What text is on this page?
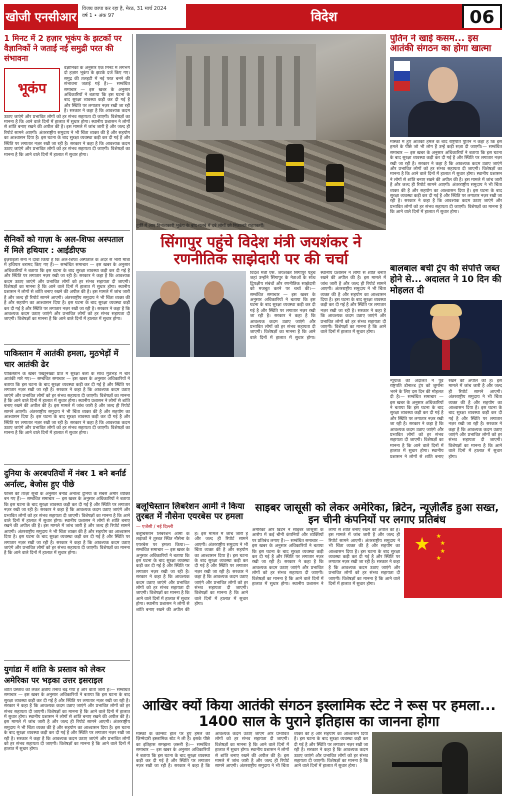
खोजी एनसीआर
विजय छापा कर रहा है, मेरठ, 31 मार्च 2024
वर्ष 1 • अंक 97	विदेश	06
1 मिनट में 2 हज़ार भूकंप के झटकों पर वैज्ञानिकों ने जताई नई समुद्री परत की संभावना
भूकंप
वैज्ञानिकों के अनुसार एक मिनट में लगभग दो हज़ार भूकंप के झटके दर्ज किए गए। समुद्र की तलहटी में नई परत बनने की संभावना जताई गई है। — सम्बंधित समाचार — इस खबर के अनुसार अधिकारियों ने बताया कि इस घटना के बाद सुरक्षा व्यवस्था कड़ी कर दी गई है और स्थिति पर लगातार नज़र रखी जा रही है। सरकार ने कहा है कि आवश्यक कदम उठाए जाएंगे और प्रभावित लोगों को हर संभव सहायता दी जाएगी। विशेषज्ञों का मानना है कि आने वाले दिनों में हालात में सुधार होगा। स्थानीय प्रशासन ने लोगों से शांति बनाए रखने की अपील की है। इस मामले में जांच जारी है और जल्द ही रिपोर्ट सामने आएगी। अंतरराष्ट्रीय समुदाय ने भी चिंता व्यक्त की है और सहयोग का आश्वासन दिया है। इस घटना के बाद सुरक्षा व्यवस्था कड़ी कर दी गई है और स्थिति पर लगातार नज़र रखी जा रही है। सरकार ने कहा है कि आवश्यक कदम उठाए जाएंगे और प्रभावित लोगों को हर संभव सहायता दी जाएगी। विशेषज्ञों का मानना है कि आने वाले दिनों में हालात में सुधार होगा।
सैनिकों को गाज़ा के अल-शिफा अस्पताल में मिले हथियार : आईडीएफ
इज़राइली सेना ने दावा किया है कि अल-शिफा अस्पताल के अंदर से भारी मात्रा में हथियार बरामद किए गए हैं। — सम्बंधित समाचार — इस खबर के अनुसार अधिकारियों ने बताया कि इस घटना के बाद सुरक्षा व्यवस्था कड़ी कर दी गई है और स्थिति पर लगातार नज़र रखी जा रही है। सरकार ने कहा है कि आवश्यक कदम उठाए जाएंगे और प्रभावित लोगों को हर संभव सहायता दी जाएगी। विशेषज्ञों का मानना है कि आने वाले दिनों में हालात में सुधार होगा। स्थानीय प्रशासन ने लोगों से शांति बनाए रखने की अपील की है। इस मामले में जांच जारी है और जल्द ही रिपोर्ट सामने आएगी। अंतरराष्ट्रीय समुदाय ने भी चिंता व्यक्त की है और सहयोग का आश्वासन दिया है। इस घटना के बाद सुरक्षा व्यवस्था कड़ी कर दी गई है और स्थिति पर लगातार नज़र रखी जा रही है। सरकार ने कहा है कि आवश्यक कदम उठाए जाएंगे और प्रभावित लोगों को हर संभव सहायता दी जाएगी। विशेषज्ञों का मानना है कि आने वाले दिनों में हालात में सुधार होगा।
पाकिस्तान में आतंकी हमला, मुठभेड़ों में चार आतंकी ढेर
पाकिस्तान के खैबर पख्तूनख्वा प्रांत में सुरक्षा बलों के साथ मुठभेड़ में चार आतंकी मारे गए। — सम्बंधित समाचार — इस खबर के अनुसार अधिकारियों ने बताया कि इस घटना के बाद सुरक्षा व्यवस्था कड़ी कर दी गई है और स्थिति पर लगातार नज़र रखी जा रही है। सरकार ने कहा है कि आवश्यक कदम उठाए जाएंगे और प्रभावित लोगों को हर संभव सहायता दी जाएगी। विशेषज्ञों का मानना है कि आने वाले दिनों में हालात में सुधार होगा। स्थानीय प्रशासन ने लोगों से शांति बनाए रखने की अपील की है। इस मामले में जांच जारी है और जल्द ही रिपोर्ट सामने आएगी। अंतरराष्ट्रीय समुदाय ने भी चिंता व्यक्त की है और सहयोग का आश्वासन दिया है। इस घटना के बाद सुरक्षा व्यवस्था कड़ी कर दी गई है और स्थिति पर लगातार नज़र रखी जा रही है। सरकार ने कहा है कि आवश्यक कदम उठाए जाएंगे और प्रभावित लोगों को हर संभव सहायता दी जाएगी। विशेषज्ञों का मानना है कि आने वाले दिनों में हालात में सुधार होगा।
दुनिया के अरबपतियों में नंबर 1 बने बर्नार्ड अर्नाल्ट, बेजोस हुए पीछे
फोर्ब्स की ताज़ा सूची के अनुसार बर्नार्ड अर्नाल्ट दुनिया के सबसे अमीर व्यक्ति बन गए हैं। — सम्बंधित समाचार — इस खबर के अनुसार अधिकारियों ने बताया कि इस घटना के बाद सुरक्षा व्यवस्था कड़ी कर दी गई है और स्थिति पर लगातार नज़र रखी जा रही है। सरकार ने कहा है कि आवश्यक कदम उठाए जाएंगे और प्रभावित लोगों को हर संभव सहायता दी जाएगी। विशेषज्ञों का मानना है कि आने वाले दिनों में हालात में सुधार होगा। स्थानीय प्रशासन ने लोगों से शांति बनाए रखने की अपील की है। इस मामले में जांच जारी है और जल्द ही रिपोर्ट सामने आएगी। अंतरराष्ट्रीय समुदाय ने भी चिंता व्यक्त की है और सहयोग का आश्वासन दिया है। इस घटना के बाद सुरक्षा व्यवस्था कड़ी कर दी गई है और स्थिति पर लगातार नज़र रखी जा रही है। सरकार ने कहा है कि आवश्यक कदम उठाए जाएंगे और प्रभावित लोगों को हर संभव सहायता दी जाएगी। विशेषज्ञों का मानना है कि आने वाले दिनों में हालात में सुधार होगा।
युगांडा में शांति के प्रस्ताव को लेकर अमेरिका पर भड़का उत्तर इसराइल
शांति प्रस्ताव को लेकर क्षेत्रीय तनाव बढ़ गया है और वार्ता जारी है। — सम्बंधित समाचार — इस खबर के अनुसार अधिकारियों ने बताया कि इस घटना के बाद सुरक्षा व्यवस्था कड़ी कर दी गई है और स्थिति पर लगातार नज़र रखी जा रही है। सरकार ने कहा है कि आवश्यक कदम उठाए जाएंगे और प्रभावित लोगों को हर संभव सहायता दी जाएगी। विशेषज्ञों का मानना है कि आने वाले दिनों में हालात में सुधार होगा। स्थानीय प्रशासन ने लोगों से शांति बनाए रखने की अपील की है। इस मामले में जांच जारी है और जल्द ही रिपोर्ट सामने आएगी। अंतरराष्ट्रीय समुदाय ने भी चिंता व्यक्त की है और सहयोग का आश्वासन दिया है। इस घटना के बाद सुरक्षा व्यवस्था कड़ी कर दी गई है और स्थिति पर लगातार नज़र रखी जा रही है। सरकार ने कहा है कि आवश्यक कदम उठाए जाएंगे और प्रभावित लोगों को हर संभव सहायता दी जाएगी। विशेषज्ञों का मानना है कि आने वाले दिनों में हालात में सुधार होगा।
तुर्की में आए विनाशकारी भूकंप के बाद मलबे में दबे लोगों को निकालते राहतकर्मी।
पुतिन ने खाई कसम... इस आतंकी संगठन का होगा खात्मा
मास्को में हुए आतंकी हमले के बाद राष्ट्रपति पुतिन ने कहा है कि इस हमले के पीछे जो भी लोग हैं उन्हें कड़ी सज़ा दी जाएगी। — सम्बंधित समाचार — इस खबर के अनुसार अधिकारियों ने बताया कि इस घटना के बाद सुरक्षा व्यवस्था कड़ी कर दी गई है और स्थिति पर लगातार नज़र रखी जा रही है। सरकार ने कहा है कि आवश्यक कदम उठाए जाएंगे और प्रभावित लोगों को हर संभव सहायता दी जाएगी। विशेषज्ञों का मानना है कि आने वाले दिनों में हालात में सुधार होगा। स्थानीय प्रशासन ने लोगों से शांति बनाए रखने की अपील की है। इस मामले में जांच जारी है और जल्द ही रिपोर्ट सामने आएगी। अंतरराष्ट्रीय समुदाय ने भी चिंता व्यक्त की है और सहयोग का आश्वासन दिया है। इस घटना के बाद सुरक्षा व्यवस्था कड़ी कर दी गई है और स्थिति पर लगातार नज़र रखी जा रही है। सरकार ने कहा है कि आवश्यक कदम उठाए जाएंगे और प्रभावित लोगों को हर संभव सहायता दी जाएगी। विशेषज्ञों का मानना है कि आने वाले दिनों में हालात में सुधार होगा।
सिंगापुर पहुंचे विदेश मंत्री जयशंकर ने रणनीतिक साझेदारी पर की चर्चा
विदेश मंत्री एस. जयशंकर सिंगापुर पहुंचे जहां उन्होंने सिंगापुर के नेताओं के साथ द्विपक्षीय संबंधों और रणनीतिक साझेदारी को मजबूत करने पर चर्चा की। — सम्बंधित समाचार — इस खबर के अनुसार अधिकारियों ने बताया कि इस घटना के बाद सुरक्षा व्यवस्था कड़ी कर दी गई है और स्थिति पर लगातार नज़र रखी जा रही है। सरकार ने कहा है कि आवश्यक कदम उठाए जाएंगे और प्रभावित लोगों को हर संभव सहायता दी जाएगी। विशेषज्ञों का मानना है कि आने वाले दिनों में हालात में सुधार होगा। स्थानीय प्रशासन ने लोगों से शांति बनाए रखने की अपील की है। इस मामले में जांच जारी है और जल्द ही रिपोर्ट सामने आएगी। अंतरराष्ट्रीय समुदाय ने भी चिंता व्यक्त की है और सहयोग का आश्वासन दिया है। इस घटना के बाद सुरक्षा व्यवस्था कड़ी कर दी गई है और स्थिति पर लगातार नज़र रखी जा रही है। सरकार ने कहा है कि आवश्यक कदम उठाए जाएंगे और प्रभावित लोगों को हर संभव सहायता दी जाएगी। विशेषज्ञों का मानना है कि आने वाले दिनों में हालात में सुधार होगा।
बालबाल बची ट्रंप की संपत्ति जब्त होने से... अदालत ने 10 दिन की मोहलत दी
न्यूयॉर्क की अदालत ने पूर्व राष्ट्रपति डोनाल्ड ट्रंप को जुर्माना भरने के लिए दस दिन की मोहलत दी है। — सम्बंधित समाचार — इस खबर के अनुसार अधिकारियों ने बताया कि इस घटना के बाद सुरक्षा व्यवस्था कड़ी कर दी गई है और स्थिति पर लगातार नज़र रखी जा रही है। सरकार ने कहा है कि आवश्यक कदम उठाए जाएंगे और प्रभावित लोगों को हर संभव सहायता दी जाएगी। विशेषज्ञों का मानना है कि आने वाले दिनों में हालात में सुधार होगा। स्थानीय प्रशासन ने लोगों से शांति बनाए रखने की अपील की है। इस मामले में जांच जारी है और जल्द ही रिपोर्ट सामने आएगी। अंतरराष्ट्रीय समुदाय ने भी चिंता व्यक्त की है और सहयोग का आश्वासन दिया है। इस घटना के बाद सुरक्षा व्यवस्था कड़ी कर दी गई है और स्थिति पर लगातार नज़र रखी जा रही है। सरकार ने कहा है कि आवश्यक कदम उठाए जाएंगे और प्रभावित लोगों को हर संभव सहायता दी जाएगी। विशेषज्ञों का मानना है कि आने वाले दिनों में हालात में सुधार होगा।
बलूचिस्तान लिबरेशन आर्मी ने किया तुरबत में नौसेना एयरबेस पर हमला
— एजेंसी / नई दिल्ली
बलूचिस्तान लिबरेशन आर्मी के लड़ाकों ने तुरबत स्थित नौसेना के एयरबेस पर हमला किया। — सम्बंधित समाचार — इस खबर के अनुसार अधिकारियों ने बताया कि इस घटना के बाद सुरक्षा व्यवस्था कड़ी कर दी गई है और स्थिति पर लगातार नज़र रखी जा रही है। सरकार ने कहा है कि आवश्यक कदम उठाए जाएंगे और प्रभावित लोगों को हर संभव सहायता दी जाएगी। विशेषज्ञों का मानना है कि आने वाले दिनों में हालात में सुधार होगा। स्थानीय प्रशासन ने लोगों से शांति बनाए रखने की अपील की है। इस मामले में जांच जारी है और जल्द ही रिपोर्ट सामने आएगी। अंतरराष्ट्रीय समुदाय ने भी चिंता व्यक्त की है और सहयोग का आश्वासन दिया है। इस घटना के बाद सुरक्षा व्यवस्था कड़ी कर दी गई है और स्थिति पर लगातार नज़र रखी जा रही है। सरकार ने कहा है कि आवश्यक कदम उठाए जाएंगे और प्रभावित लोगों को हर संभव सहायता दी जाएगी। विशेषज्ञों का मानना है कि आने वाले दिनों में हालात में सुधार होगा।
साइबर जासूसी को लेकर अमेरिका, ब्रिटेन, न्यूज़ीलैंड हुआ सख्त, इन चीनी कंपनियों पर लगाए प्रतिबंध
★ ★
★
★
★
अमेरिका और ब्रिटेन ने साइबर जासूसी के आरोप में कई चीनी कंपनियों और व्यक्तियों पर प्रतिबंध लगाए हैं। — सम्बंधित समाचार — इस खबर के अनुसार अधिकारियों ने बताया कि इस घटना के बाद सुरक्षा व्यवस्था कड़ी कर दी गई है और स्थिति पर लगातार नज़र रखी जा रही है। सरकार ने कहा है कि आवश्यक कदम उठाए जाएंगे और प्रभावित लोगों को हर संभव सहायता दी जाएगी। विशेषज्ञों का मानना है कि आने वाले दिनों में हालात में सुधार होगा। स्थानीय प्रशासन ने लोगों से शांति बनाए रखने की अपील की है। इस मामले में जांच जारी है और जल्द ही रिपोर्ट सामने आएगी। अंतरराष्ट्रीय समुदाय ने भी चिंता व्यक्त की है और सहयोग का आश्वासन दिया है। इस घटना के बाद सुरक्षा व्यवस्था कड़ी कर दी गई है और स्थिति पर लगातार नज़र रखी जा रही है। सरकार ने कहा है कि आवश्यक कदम उठाए जाएंगे और प्रभावित लोगों को हर संभव सहायता दी जाएगी। विशेषज्ञों का मानना है कि आने वाले दिनों में हालात में सुधार होगा।
आखिर क्यों किया आतंकी संगठन इस्लामिक स्टेट ने रूस पर हमला... 1400 साल के पुराने इतिहास का जानना होगा
मास्को के कॉन्सर्ट हॉल पर हुए हमले की ज़िम्मेदारी इस्लामिक स्टेट ने ली है। इसके पीछे का इतिहास समझना ज़रूरी है। — सम्बंधित समाचार — इस खबर के अनुसार अधिकारियों ने बताया कि इस घटना के बाद सुरक्षा व्यवस्था कड़ी कर दी गई है और स्थिति पर लगातार नज़र रखी जा रही है। सरकार ने कहा है कि आवश्यक कदम उठाए जाएंगे और प्रभावित लोगों को हर संभव सहायता दी जाएगी। विशेषज्ञों का मानना है कि आने वाले दिनों में हालात में सुधार होगा। स्थानीय प्रशासन ने लोगों से शांति बनाए रखने की अपील की है। इस मामले में जांच जारी है और जल्द ही रिपोर्ट सामने आएगी। अंतरराष्ट्रीय समुदाय ने भी चिंता व्यक्त की है और सहयोग का आश्वासन दिया है। इस घटना के बाद सुरक्षा व्यवस्था कड़ी कर दी गई है और स्थिति पर लगातार नज़र रखी जा रही है। सरकार ने कहा है कि आवश्यक कदम उठाए जाएंगे और प्रभावित लोगों को हर संभव सहायता दी जाएगी। विशेषज्ञों का मानना है कि आने वाले दिनों में हालात में सुधार होगा।
